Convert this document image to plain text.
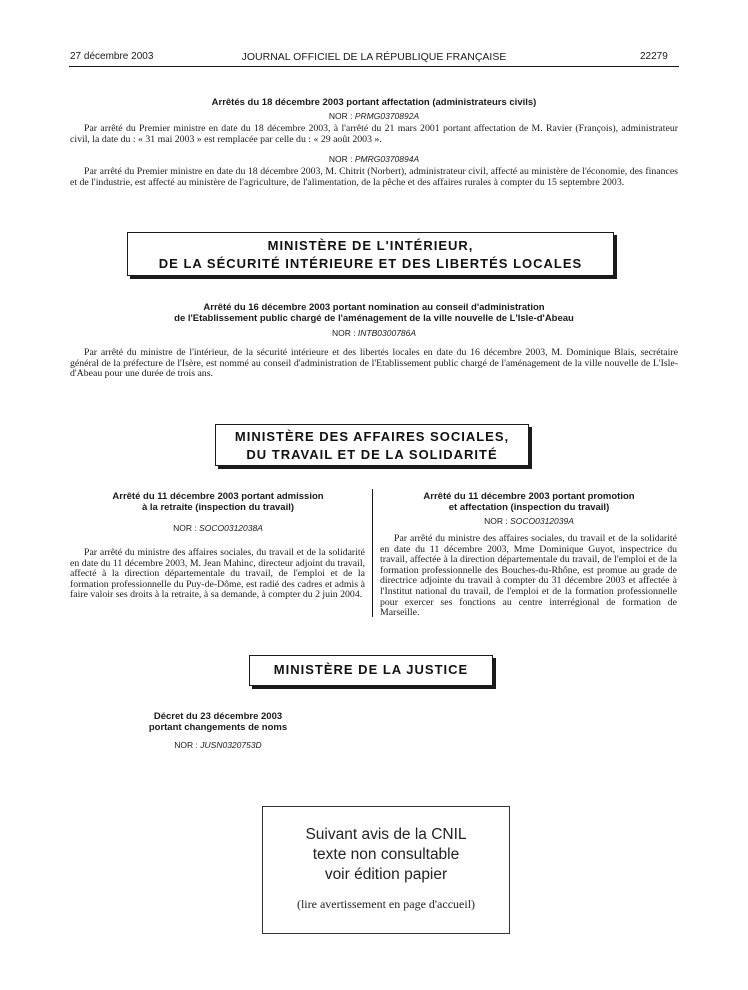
27 décembre 2003	JOURNAL OFFICIEL DE LA RÉPUBLIQUE FRANÇAISE	22279
Arrêtés du 18 décembre 2003 portant affectation (administrateurs civils)
NOR : PRMG0370892A
Par arrêté du Premier ministre en date du 18 décembre 2003, à l'arrêté du 21 mars 2001 portant affectation de M. Ravier (François), administrateur civil, la date du : « 31 mai 2003 » est remplacée par celle du : « 29 août 2003 ».
NOR : PMRG0370894A
Par arrêté du Premier ministre en date du 18 décembre 2003, M. Chitrit (Norbert), administrateur civil, affecté au ministère de l'économie, des finances et de l'industrie, est affecté au ministère de l'agriculture, de l'alimentation, de la pêche et des affaires rurales à compter du 15 septembre 2003.
MINISTÈRE DE L'INTÉRIEUR,
DE LA SÉCURITÉ INTÉRIEURE ET DES LIBERTÉS LOCALES
Arrêté du 16 décembre 2003 portant nomination au conseil d'administration
de l'Etablissement public chargé de l'aménagement de la ville nouvelle de L'Isle-d'Abeau
NOR : INTB0300786A
Par arrêté du ministre de l'intérieur, de la sécurité intérieure et des libertés locales en date du 16 décembre 2003, M. Dominique Blais, secrétaire général de la préfecture de l'Isère, est nommé au conseil d'administration de l'Etablissement public chargé de l'aménagement de la ville nouvelle de L'Isle-d'Abeau pour une durée de trois ans.
MINISTÈRE DES AFFAIRES SOCIALES,
DU TRAVAIL ET DE LA SOLIDARITÉ
Arrêté du 11 décembre 2003 portant admission
à la retraite (inspection du travail)
NOR : SOCO0312038A
Par arrêté du ministre des affaires sociales, du travail et de la solidarité en date du 11 décembre 2003, M. Jean Mahinc, directeur adjoint du travail, affecté à la direction départementale du travail, de l'emploi et de la formation professionnelle du Puy-de-Dôme, est radié des cadres et admis à faire valoir ses droits à la retraite, à sa demande, à compter du 2 juin 2004.
Arrêté du 11 décembre 2003 portant promotion
et affectation (inspection du travail)
NOR : SOCO0312039A
Par arrêté du ministre des affaires sociales, du travail et de la solidarité en date du 11 décembre 2003, Mme Dominique Guyot, inspectrice du travail, affectée à la direction départementale du travail, de l'emploi et de la formation professionnelle des Bouches-du-Rhône, est promue au grade de directrice adjointe du travail à compter du 31 décembre 2003 et affectée à l'Institut national du travail, de l'emploi et de la formation professionnelle pour exercer ses fonctions au centre interrégional de formation de Marseille.
MINISTÈRE DE LA JUSTICE
Décret du 23 décembre 2003
portant changements de noms
NOR : JUSN0320753D
Suivant avis de la CNIL
texte non consultable
voir édition papier
(lire avertissement en page d'accueil)
